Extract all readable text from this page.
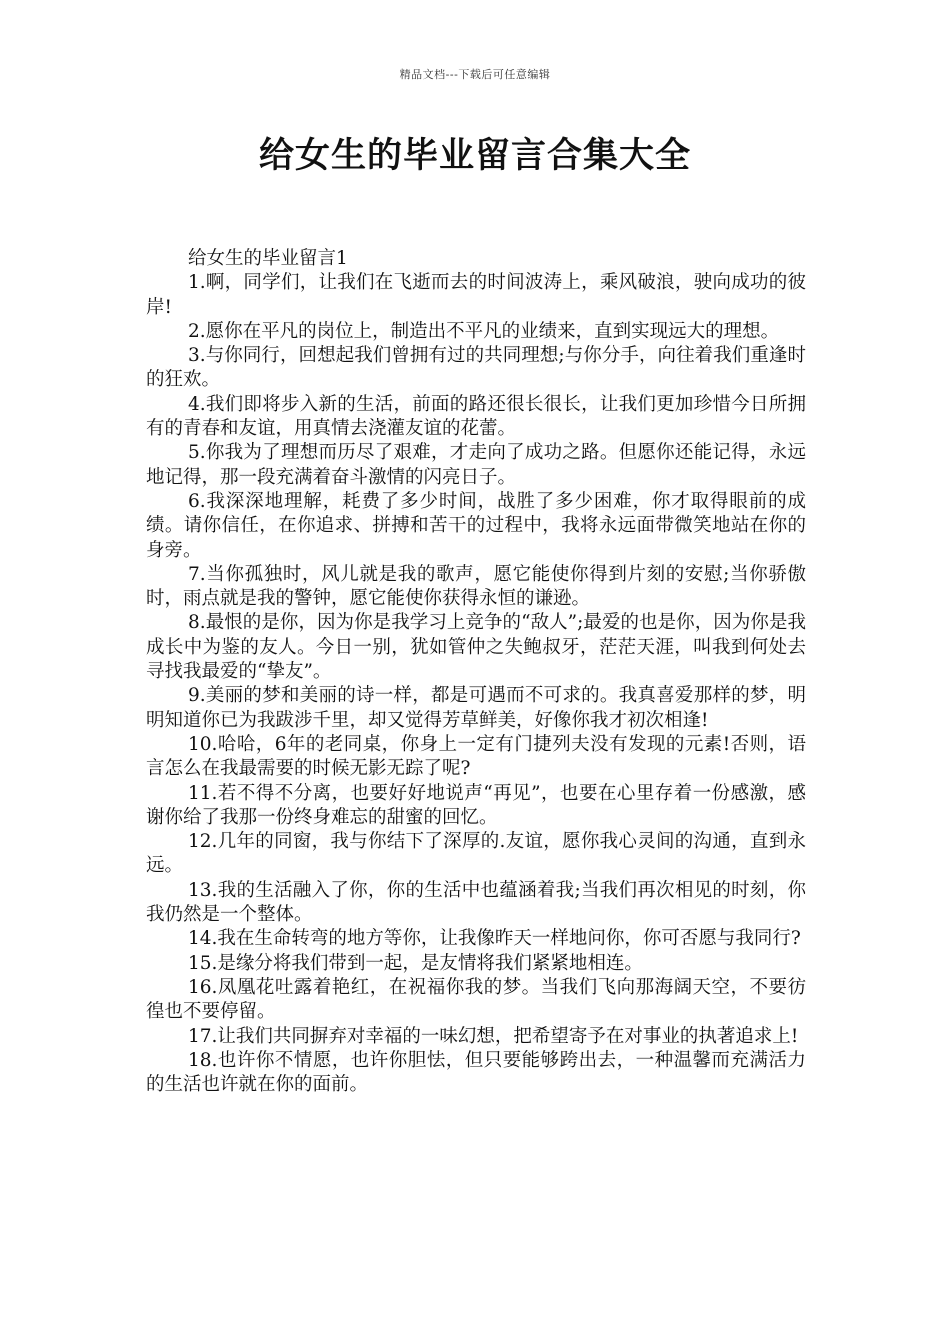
精品文档---下载后可任意编辑
给女生的毕业留言合集大全

给女生的毕业留言1

1.啊，同学们，让我们在飞逝而去的时间波涛上，乘风破浪，驶向成功的彼岸!

2.愿你在平凡的岗位上，制造出不平凡的业绩来，直到实现远大的理想。

3.与你同行，回想起我们曾拥有过的共同理想;与你分手，向往着我们重逢时的狂欢。

4.我们即将步入新的生活，前面的路还很长很长，让我们更加珍惜今日所拥有的青春和友谊，用真情去浇灌友谊的花蕾。

5.你我为了理想而历尽了艰难，才走向了成功之路。但愿你还能记得，永远地记得，那一段充满着奋斗激情的闪亮日子。

6.我深深地理解，耗费了多少时间，战胜了多少困难，你才取得眼前的成绩。请你信任，在你追求、拼搏和苦干的过程中，我将永远面带微笑地站在你的身旁。

7.当你孤独时，风儿就是我的歌声，愿它能使你得到片刻的安慰;当你骄傲时，雨点就是我的警钟，愿它能使你获得永恒的谦逊。

8.最恨的是你，因为你是我学习上竞争的“敌人”;最爱的也是你，因为你是我成长中为鉴的友人。今日一别，犹如管仲之失鲍叔牙，茫茫天涯，叫我到何处去寻找我最爱的“挚友”。

9.美丽的梦和美丽的诗一样，都是可遇而不可求的。我真喜爱那样的梦，明明知道你已为我跋涉千里，却又觉得芳草鲜美，好像你我才初次相逢!

10.哈哈，6年的老同桌，你身上一定有门捷列夫没有发现的元素!否则，语言怎么在我最需要的时候无影无踪了呢?

11.若不得不分离，也要好好地说声“再见”，也要在心里存着一份感激，感谢你给了我那一份终身难忘的甜蜜的回忆。

12.几年的同窗，我与你结下了深厚的.友谊，愿你我心灵间的沟通，直到永远。

13.我的生活融入了你，你的生活中也蕴涵着我;当我们再次相见的时刻，你我仍然是一个整体。

14.我在生命转弯的地方等你，让我像昨天一样地问你，你可否愿与我同行?

15.是缘分将我们带到一起，是友情将我们紧紧地相连。

16.凤凰花吐露着艳红，在祝福你我的梦。当我们飞向那海阔天空，不要彷徨也不要停留。

17.让我们共同摒弃对幸福的一味幻想，把希望寄予在对事业的执著追求上!

18.也许你不情愿，也许你胆怯，但只要能够跨出去，一种温馨而充满活力的生活也许就在你的面前。
